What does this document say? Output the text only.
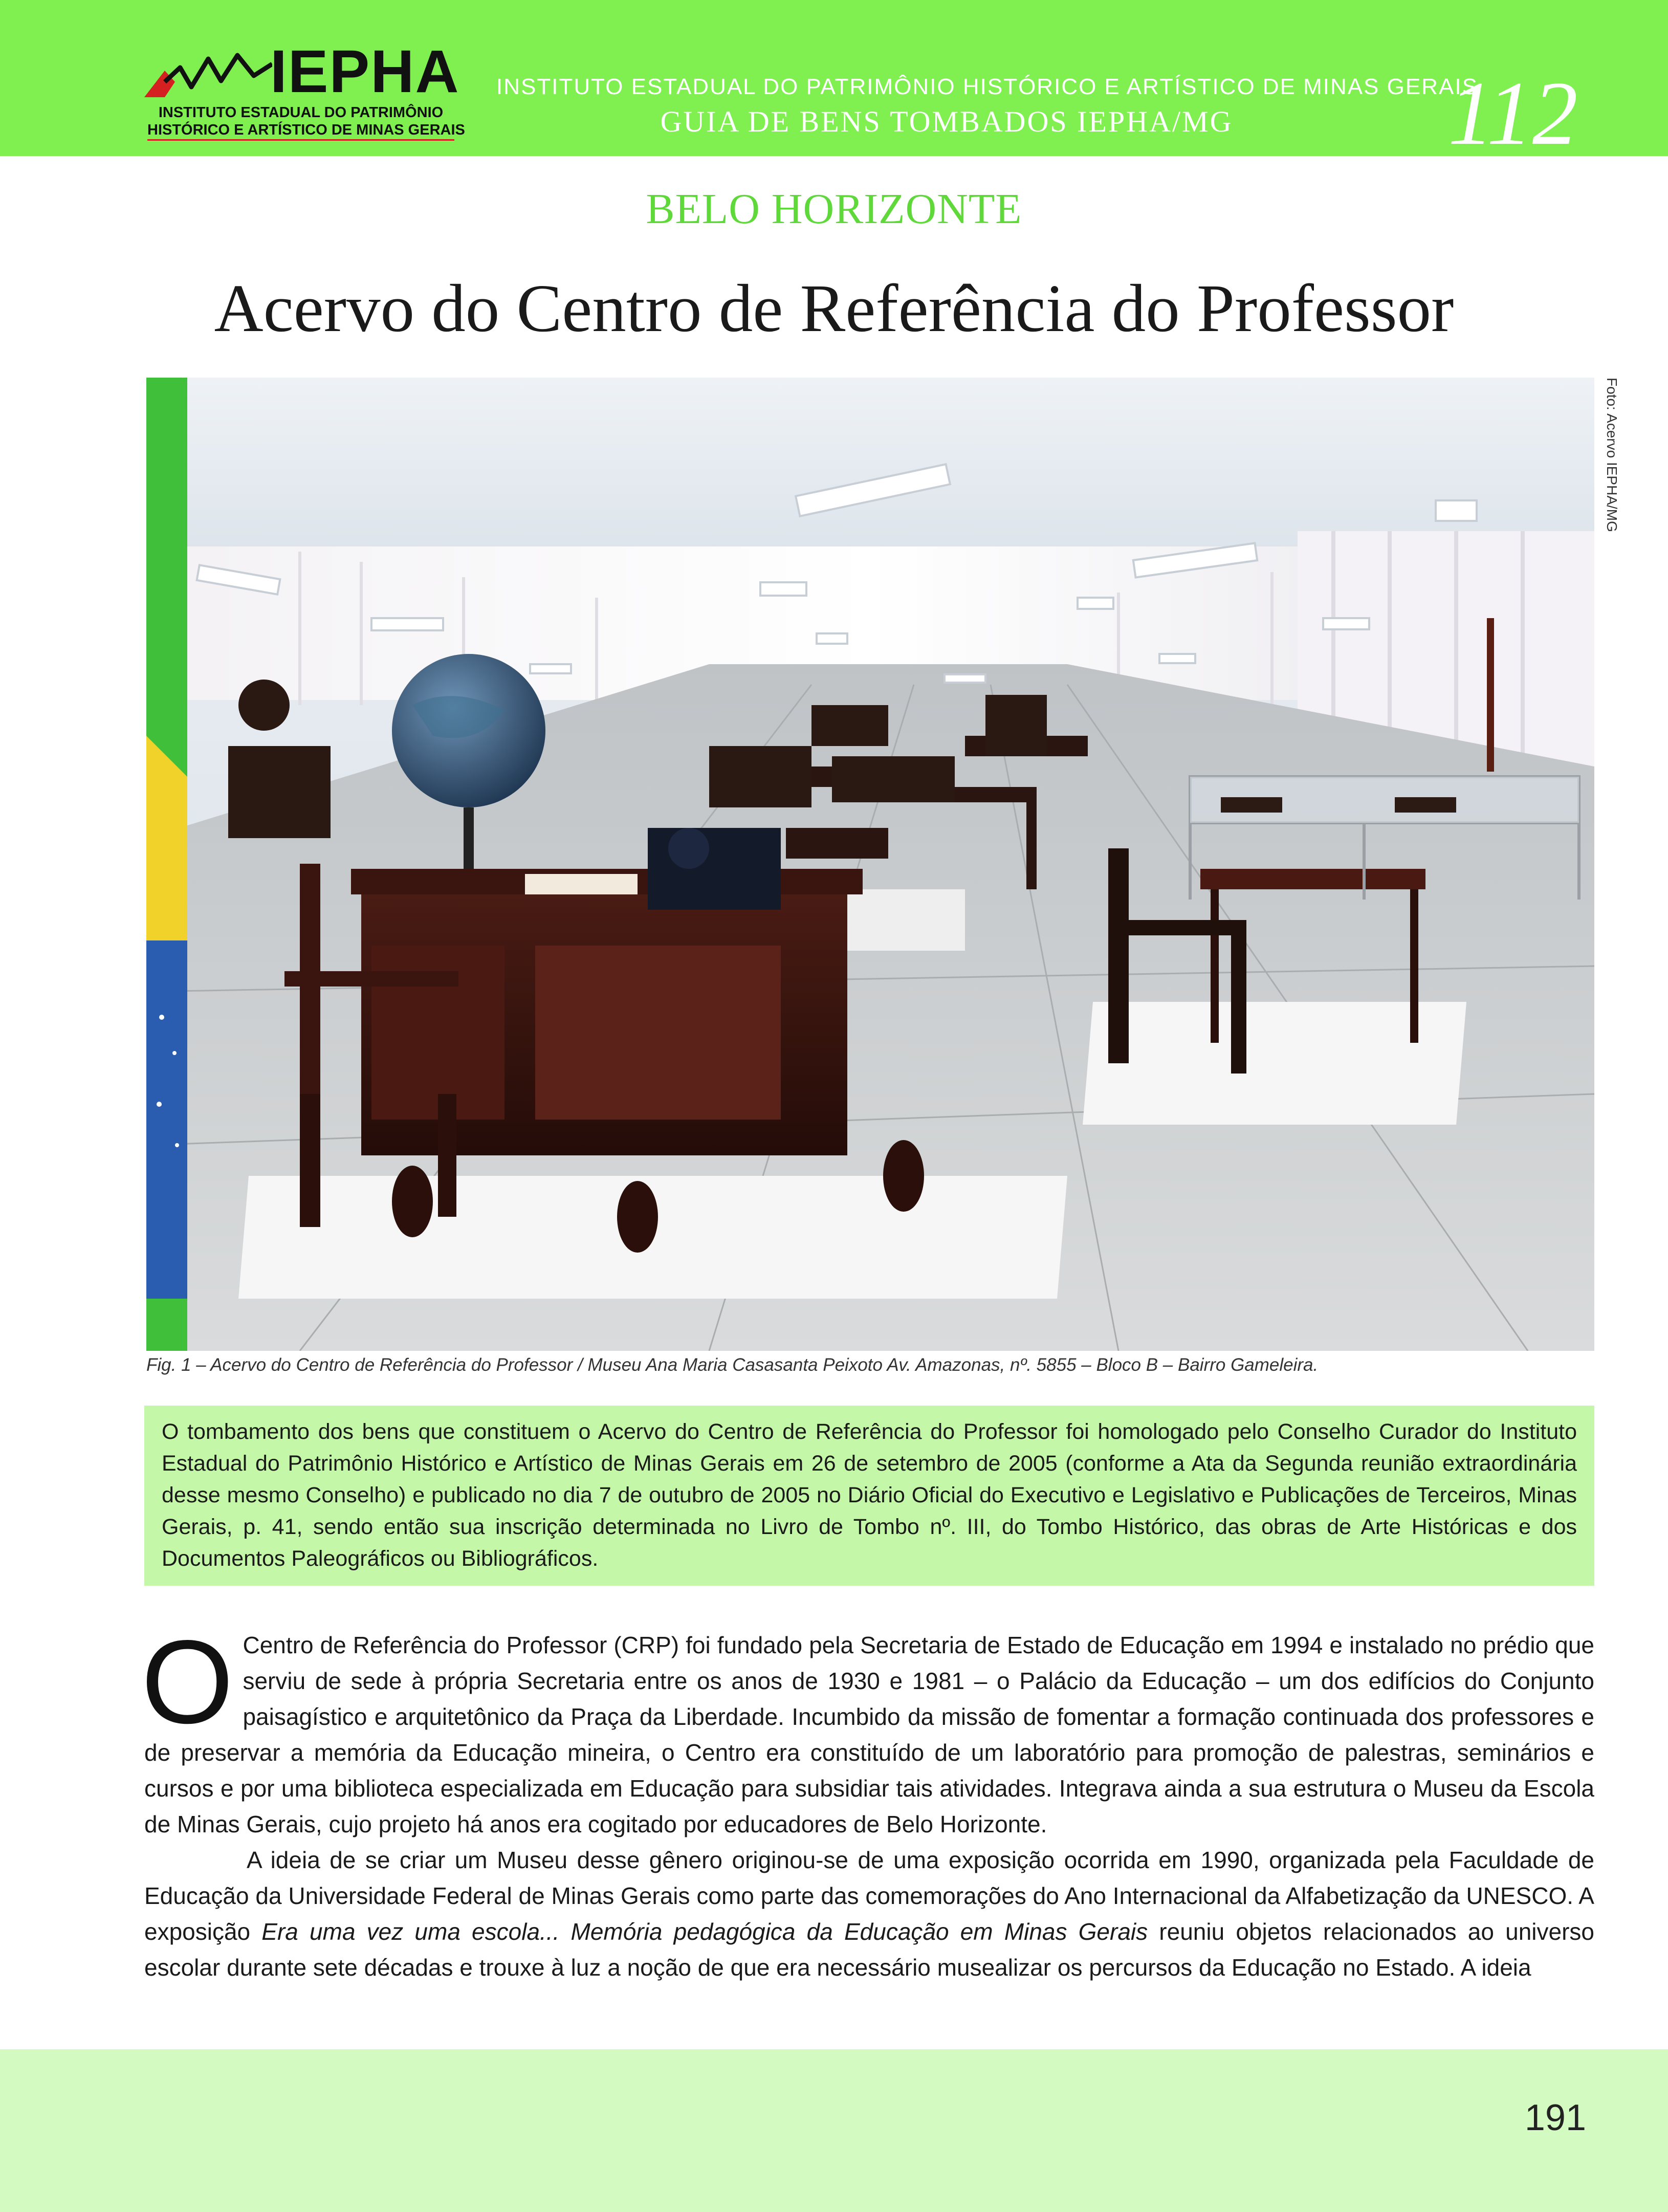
IEPHA
INSTITUTO ESTADUAL DO PATRIMÔNIO
HISTÓRICO E ARTÍSTICO DE MINAS GERAIS
INSTITUTO ESTADUAL DO PATRIMÔNIO HISTÓRICO E ARTÍSTICO DE MINAS GERAIS
GUIA DE BENS TOMBADOS IEPHA/MG	112
BELO HORIZONTE
Acervo do Centro de Referência do Professor
Foto: Acervo IEPHA/MG
Fig. 1 – Acervo do Centro de Referência do Professor / Museu Ana Maria Casasanta Peixoto Av. Amazonas, nº. 5855 – Bloco B – Bairro Gameleira.

O tombamento dos bens que constituem o Acervo do Centro de Referência do Professor foi homologado pelo Conselho Curador do Instituto Estadual do Patrimônio Histórico e Artístico de Minas Gerais em 26 de setembro de 2005 (conforme a Ata da Segunda reunião extraordinária desse mesmo Conselho) e publicado no dia 7 de outubro de 2005 no Diário Oficial do Executivo e Legislativo e Publicações de Terceiros, Minas Gerais, p. 41, sendo então sua inscrição determinada no Livro de Tombo nº. III, do Tombo Histórico, das obras de Arte Históricas e dos Documentos Paleográficos ou Bibliográficos.

O Centro de Referência do Professor (CRP) foi fundado pela Secretaria de Estado de Educação em 1994 e instalado no prédio que serviu de sede à própria Secretaria entre os anos de 1930 e 1981 – o Palácio da Educação – um dos edifícios do Conjunto paisagístico e arquitetônico da Praça da Liberdade. Incumbido da missão de fomentar a formação continuada dos professores e de preservar a memória da Educação mineira, o Centro era constituído de um laboratório para promoção de palestras, seminários e cursos e por uma biblioteca especializada em Educação para subsidiar tais atividades. Integrava ainda a sua estrutura o Museu da Escola de Minas Gerais, cujo projeto há anos era cogitado por educadores de Belo Horizonte.

A ideia de se criar um Museu desse gênero originou-se de uma exposição ocorrida em 1990, organizada pela Faculdade de Educação da Universidade Federal de Minas Gerais como parte das comemorações do Ano Internacional da Alfabetização da UNESCO. A exposição Era uma vez uma escola... Memória pedagógica da Educação em Minas Gerais reuniu objetos relacionados ao universo escolar durante sete décadas e trouxe à luz a noção de que era necessário musealizar os percursos da Educação no Estado. A ideia

191
